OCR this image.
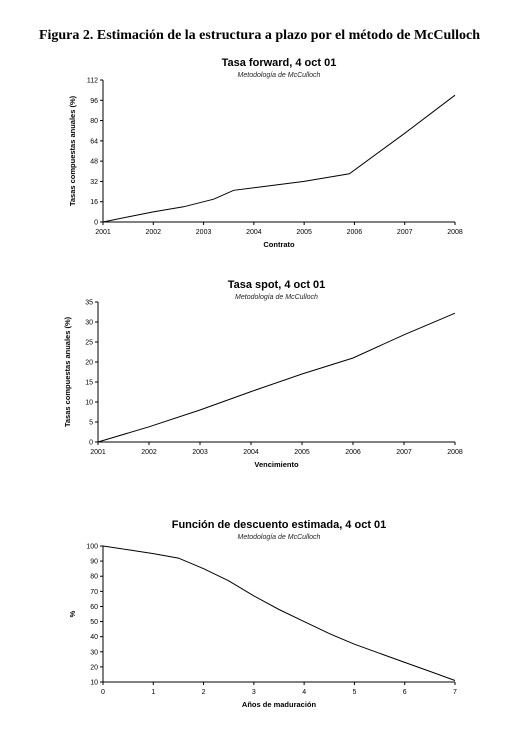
Figura 2. Estimación de la estructura a plazo por el método de McCulloch
Tasa forward, 4 oct 01
Metodología de McCulloch
0
16
32
48
64
80
96
112
2001	2002	2003	2004	2005	2006	2007	2008
Contrato
Tasas compuestas anuales (%)
Tasa spot, 4 oct 01
Metodología de McCulloch
0
5
10
15
20
25
30
35
2001	2002	2003	2004	2005	2006	2007	2008
Vencimiento
Tasas compuestas anuales (%)
Función de descuento estimada, 4 oct 01
Metodología de McCulloch
10
20
30
40
50
60
70
80
90
100
0	1	2	3	4	5	6	7
Años de maduración
%
